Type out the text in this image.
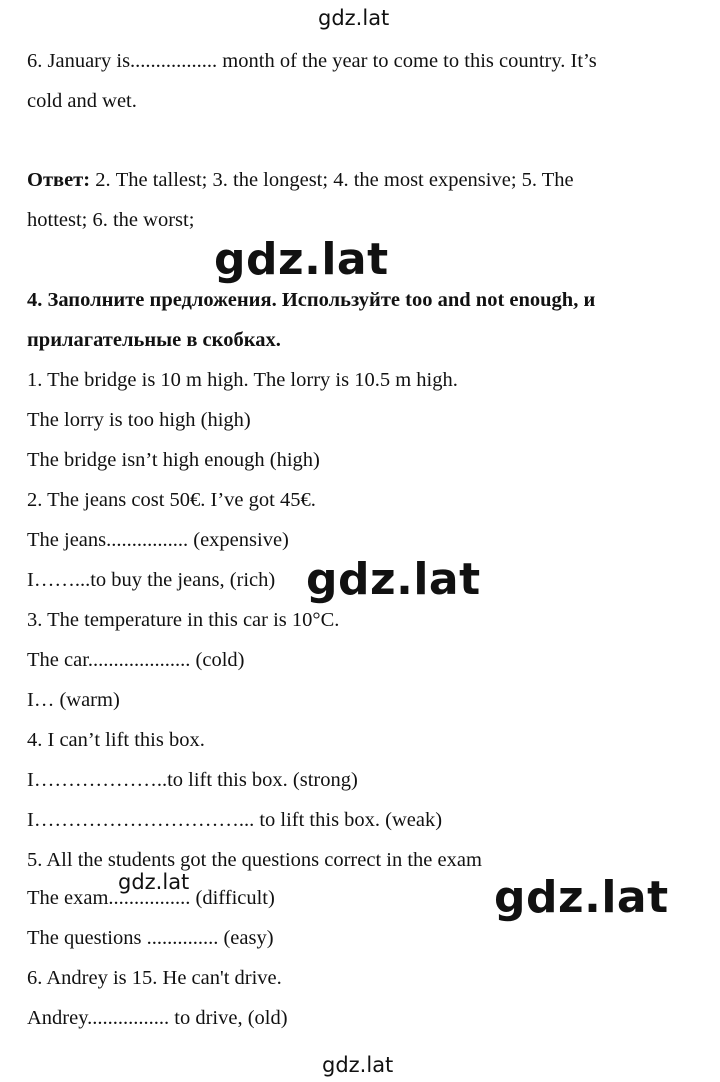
gdz.lat
6. January is................. month of the year to come to this country. It’s
cold and wet.
Ответ: 2. The tallest; 3. the longest; 4. the most expensive; 5. The
hottest; 6. the worst;
gdz.lat
4. Заполните предложения. Используйте too and not enough, и
прилагательные в скобках.
1. The bridge is 10 m high. The lorry is 10.5 m high.
The lorry is too high (high)
The bridge isn’t high enough (high)
2. The jeans cost 50€. I’ve got 45€.
The jeans................ (expensive)
I……...to buy the jeans, (rich) gdz.lat
3. The temperature in this car is 10°C.
The car.................... (cold)
I… (warm)
4. I can’t lift this box.
I………………..to lift this box. (strong)
I…………………………... to lift this box. (weak)
5. All the students got the questions correct in the exam
The exam................ (difficult)
gdz.lat	gdz.lat
The questions .............. (easy)
6. Andrey is 15. He can't drive.
Andrey................ to drive, (old)
gdz.lat
